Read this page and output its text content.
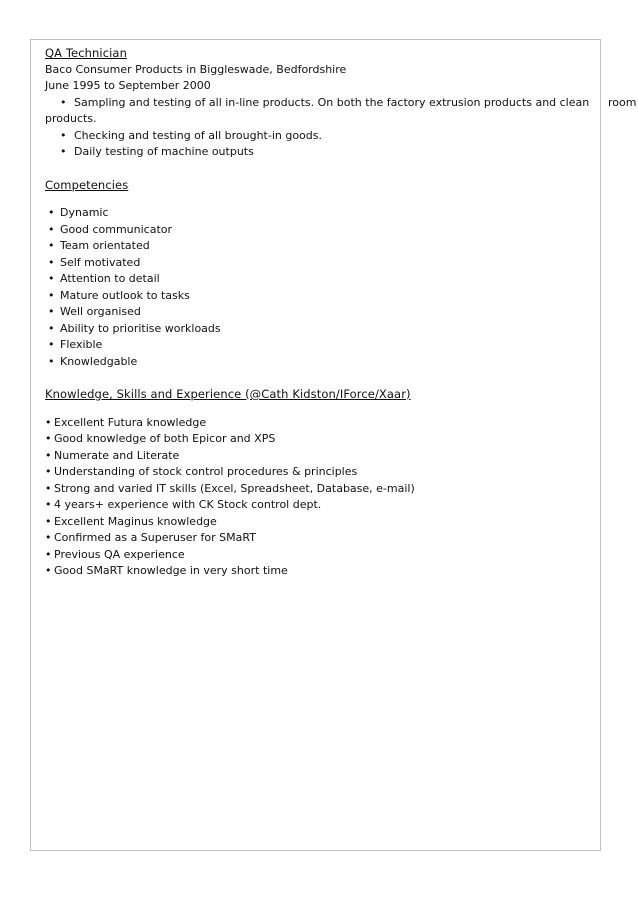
QA Technician
Baco Consumer Products in Biggleswade, Bedfordshire
June 1995 to September 2000
• Sampling and testing of all in-line products. On both the factory extrusion products and clean room
products.
• Checking and testing of all brought-in goods.
• Daily testing of machine outputs
Competencies
• Dynamic
• Good communicator
• Team orientated
• Self motivated
• Attention to detail
• Mature outlook to tasks
• Well organised
• Ability to prioritise workloads
• Flexible
• Knowledgable
Knowledge, Skills and Experience (@Cath Kidston/IForce/Xaar)
• Excellent Futura knowledge
• Good knowledge of both Epicor and XPS
• Numerate and Literate
• Understanding of stock control procedures & principles
• Strong and varied IT skills (Excel, Spreadsheet, Database, e-mail)
• 4 years+ experience with CK Stock control dept.
• Excellent Maginus knowledge
• Confirmed as a Superuser for SMaRT
• Previous QA experience
• Good SMaRT knowledge in very short time
